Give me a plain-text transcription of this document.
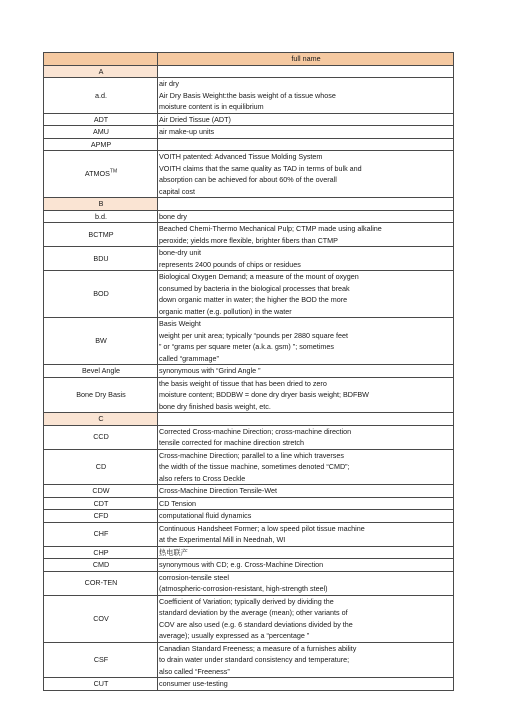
	full name
A	
a.d.	air dry
Air Dry Basis Weight:the basis weight of a tissue whose
moisture content is in equilibrium
ADT	Air Dried Tissue (ADT)
AMU	air make-up units
APMP	
ATMOS™	VOITH patented: Advanced Tissue Molding System
VOITH claims that the same quality as TAD in terms of bulk and
absorption can be achieved for about 60% of the overall
capital cost
B	
b.d.	bone dry
BCTMP	Beached Chemi-Thermo Mechanical Pulp; CTMP made using alkaline
peroxide; yields more flexible, brighter fibers than CTMP
BDU	bone-dry unit
represents 2400 pounds of chips or residues
BOD	Biological Oxygen Demand; a measure of the mount of oxygen
consumed by bacteria in the biological processes that break
down organic matter in water; the higher the BOD the more
organic matter (e.g. pollution) in the water
BW	Basis Weight
weight per unit area; typically “pounds per 2880 square feet
” or “grams per square meter (a.k.a. gsm) ”; sometimes
called “grammage”
Bevel Angle	synonymous with “Grind Angle ”
Bone Dry Basis	the basis weight of tissue that has been dried to zero
moisture content; BDDBW = done dry dryer basis weight; BDFBW
bone dry finished basis weight, etc.
C	
CCD	Corrected Cross-machine Direction; cross-machine direction
tensile corrected for machine direction stretch
CD	Cross-machine Direction; parallel to a line which traverses
the width of the tissue machine, sometimes denoted “CMD”;
also refers to Cross Deckle
CDW	Cross-Machine Direction Tensile-Wet
CDT	CD Tension
CFD	computational fluid dynamics
CHF	Continuous Handsheet Former; a low speed pilot tissue machine
at the Experimental Mill in Neednah, WI
CHP	热电联产
CMD	synonymous with CD; e.g. Cross-Machine Direction
COR-TEN	corrosion-tensile steel
(atmospheric-corrosion-resistant, high-strength steel)
COV	Coefficient of Variation; typically derived by dividing the
standard deviation by the average (mean); other variants of
COV are also used (e.g. 6 standard deviations divided by the
average); usually expressed as a “percentage ”
CSF	Canadian Standard Freeness; a measure of a furnishes ability
to drain water under standard consistency and temperature;
also called “Freeness”
CUT	consumer use-testing
